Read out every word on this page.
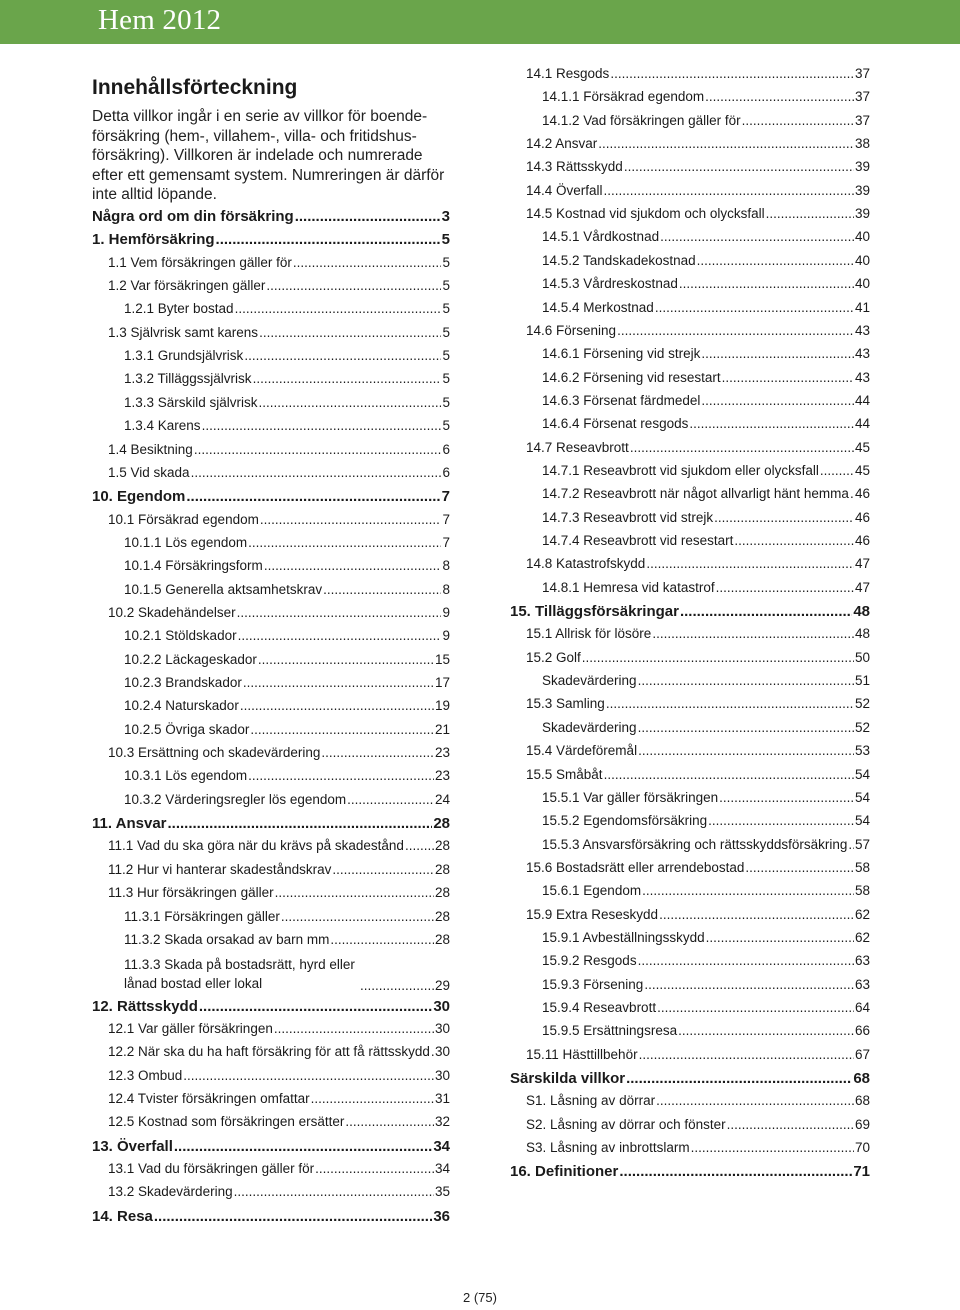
Hem 2012
Innehållsförteckning
Detta villkor ingår i en serie av villkor för boendeförsäkring (hem-, villahem-, villa- och fritidshusförsäkring). Villkoren är indelade och numrerade efter ett gemensamt system. Numreringen är därför inte alltid löpande.
Några ord om din försäkring .....	3
1. Hemförsäkring .....	5
1.1 Vem försäkringen gäller för .....	5
1.2 Var försäkringen gäller .....	5
1.2.1 Byter bostad .....	5
1.3 Självrisk samt karens .....	5
1.3.1 Grundsjälvrisk .....	5
1.3.2 Tilläggssjälvrisk .....	5
1.3.3 Särskild självrisk .....	5
1.3.4 Karens .....	5
1.4 Besiktning .....	6
1.5 Vid skada .....	6
10. Egendom .....	7
10.1 Försäkrad egendom .....	7
10.1.1 Lös egendom .....	7
10.1.4 Försäkringsform .....	8
10.1.5 Generella aktsamhetskrav .....	8
10.2 Skadehändelser .....	9
10.2.1 Stöldskador .....	9
10.2.2 Läckageskador .....	15
10.2.3 Brandskador .....	17
10.2.4 Naturskador .....	19
10.2.5 Övriga skador .....	21
10.3 Ersättning och skadevärdering .....	23
10.3.1 Lös egendom .....	23
10.3.2 Värderingsregler lös egendom .....	24
11. Ansvar .....	28
11.1 Vad du ska göra när du krävs på skadestånd ..... 28
11.2 Hur vi hanterar skadeståndskrav .....	28
11.3 Hur försäkringen gäller .....	28
11.3.1 Försäkringen gäller .....	28
11.3.2 Skada orsakad av barn mm .....	28
11.3.3 Skada på bostadsrätt, hyrd eller lånad bostad eller lokal .....	29
12. Rättsskydd .....	30
12.1 Var gäller försäkringen .....	30
12.2 När ska du ha haft försäkring för att få rättsskydd ..... 30
12.3 Ombud .....	30
12.4 Tvister försäkringen omfattar .....	31
12.5 Kostnad som försäkringen ersätter .....	32
13. Överfall .....	34
13.1 Vad du försäkringen gäller för .....	34
13.2 Skadevärdering .....	35
14. Resa .....	36
14.1 Resgods .....	37
14.1.1 Försäkrad egendom .....	37
14.1.2 Vad försäkringen gäller för .....	37
14.2 Ansvar .....	38
14.3 Rättsskydd .....	39
14.4 Överfall .....	39
14.5 Kostnad vid sjukdom och olycksfall .....	39
14.5.1 Vårdkostnad .....	40
14.5.2 Tandskadekostnad .....	40
14.5.3 Vårdreskostnad .....	40
14.5.4 Merkostnad .....	41
14.6 Försening .....	43
14.6.1 Försening vid strejk .....	43
14.6.2 Försening vid resestart .....	43
14.6.3 Försenat färdmedel .....	44
14.6.4 Försenat resgods .....	44
14.7 Reseavbrott .....	45
14.7.1 Reseavbrott vid sjukdom eller olycksfall .....	45
14.7.2 Reseavbrott när något allvarligt hänt hemma ..... 46
14.7.3 Reseavbrott vid strejk .....	46
14.7.4 Reseavbrott vid resestart .....	46
14.8 Katastrofskydd .....	47
14.8.1 Hemresa vid katastrof .....	47
15. Tilläggsförsäkringar .....	48
15.1 Allrisk för lösöre .....	48
15.2 Golf .....	50
Skadevärdering .....	51
15.3 Samling .....	52
Skadevärdering .....	52
15.4 Värdeföremål .....	53
15.5 Småbåt .....	54
15.5.1 Var gäller försäkringen .....	54
15.5.2 Egendomsförsäkring .....	54
15.5.3 Ansvarsförsäkring och rättsskyddsförsäkring ..... 57
15.6 Bostadsrätt eller arrendebostad .....	58
15.6.1 Egendom .....	58
15.9 Extra Reseskydd .....	62
15.9.1 Avbeställningsskydd .....	62
15.9.2 Resgods .....	63
15.9.3 Försening .....	63
15.9.4 Reseavbrott .....	64
15.9.5 Ersättningsresa .....	66
15.11 Hästtillbehör .....	67
Särskilda villkor .....	68
S1. Låsning av dörrar .....	68
S2. Låsning av dörrar och fönster .....	69
S3. Låsning av inbrottslarm .....	70
16. Definitioner .....	71
2 (75)
